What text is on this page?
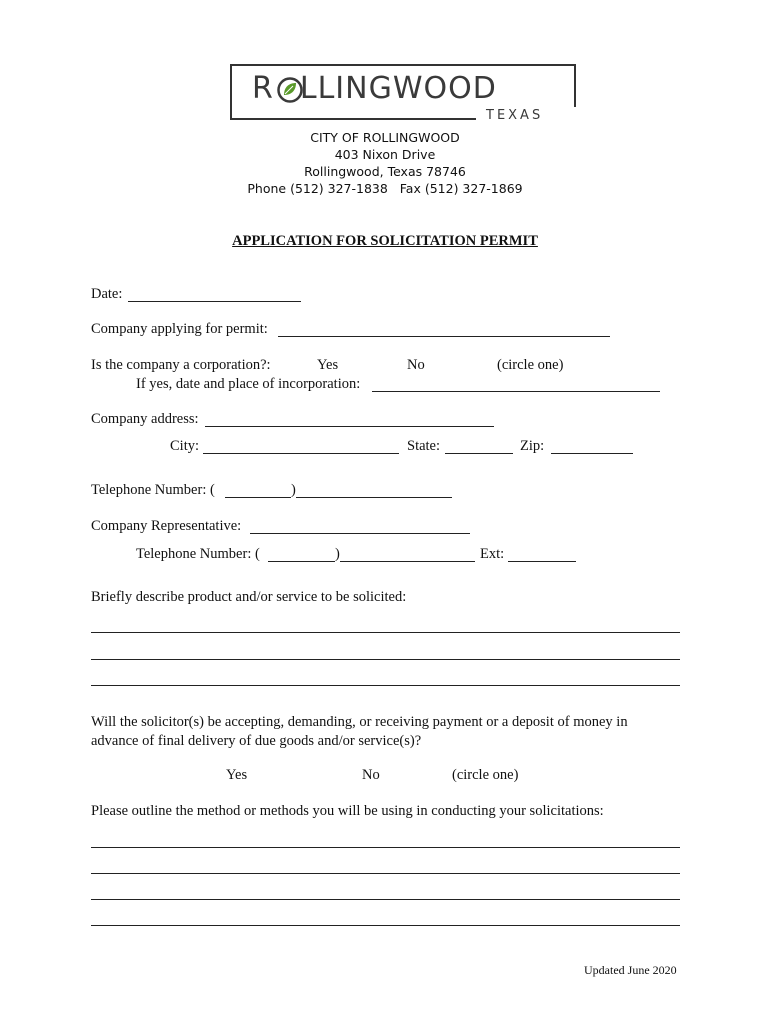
R LLINGWOOD
TEXAS
CITY OF ROLLINGWOOD
403 Nixon Drive
Rollingwood, Texas 78746
Phone (512) 327-1838   Fax (512) 327-1869
APPLICATION FOR SOLICITATION PERMIT
Date:
Company applying for permit:
Is the company a corporation?:	Yes	No	(circle one)
If yes, date and place of incorporation:
Company address:
City:	State:	Zip:
Telephone Number: (	)
Company Representative:
Telephone Number: (	)	Ext:
Briefly describe product and/or service to be solicited:
Will the solicitor(s) be accepting, demanding, or receiving payment or a deposit of money in
advance of final delivery of due goods and/or service(s)?
Yes	No	(circle one)
Please outline the method or methods you will be using in conducting your solicitations:
Updated June 2020
